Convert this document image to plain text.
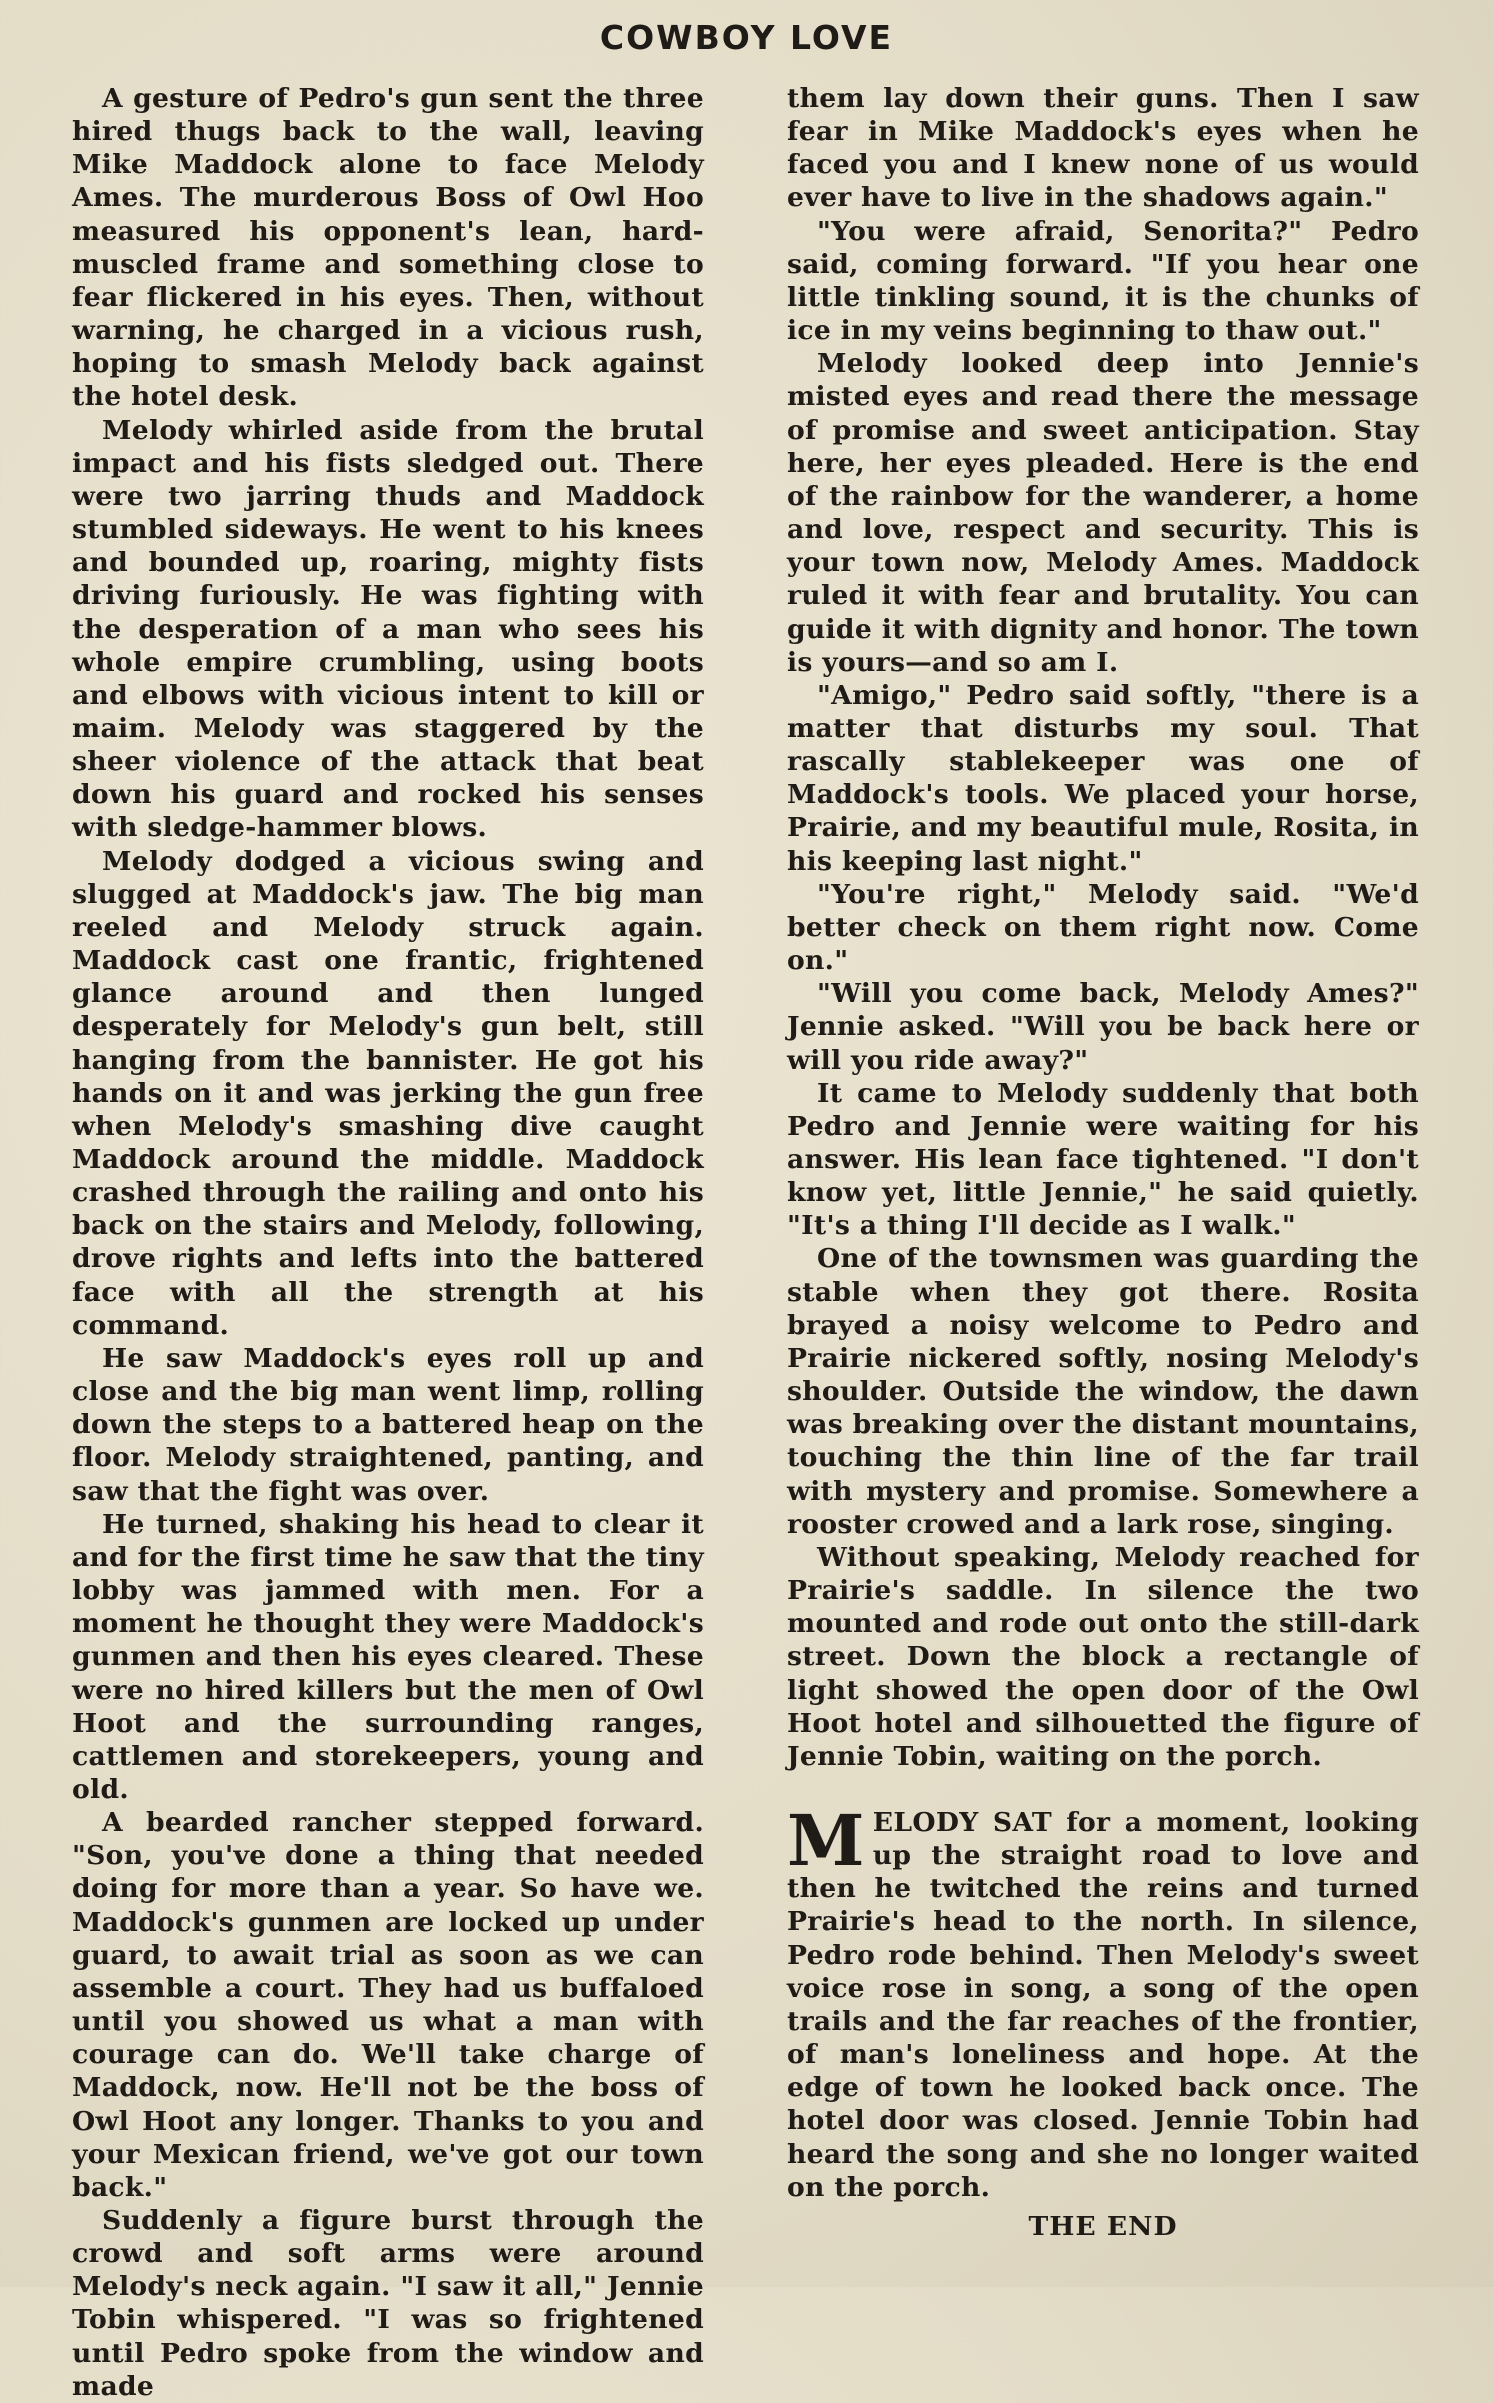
COWBOY LOVE

A gesture of Pedro's gun sent the three hired thugs back to the wall, leaving Mike Maddock alone to face Melody Ames. The murderous Boss of Owl Hoo measured his opponent's lean, hard-muscled frame and something close to fear flickered in his eyes. Then, without warning, he charged in a vicious rush, hoping to smash Melody back against the hotel desk.

Melody whirled aside from the brutal impact and his fists sledged out. There were two jarring thuds and Maddock stumbled sideways. He went to his knees and bounded up, roaring, mighty fists driving furiously. He was fighting with the desperation of a man who sees his whole empire crumbling, using boots and elbows with vicious intent to kill or maim. Melody was staggered by the sheer violence of the attack that beat down his guard and rocked his senses with sledge-hammer blows.

Melody dodged a vicious swing and slugged at Maddock's jaw. The big man reeled and Melody struck again. Maddock cast one frantic, frightened glance around and then lunged desperately for Melody's gun belt, still hanging from the bannister. He got his hands on it and was jerking the gun free when Melody's smashing dive caught Maddock around the middle. Maddock crashed through the railing and onto his back on the stairs and Melody, following, drove rights and lefts into the battered face with all the strength at his command.

He saw Maddock's eyes roll up and close and the big man went limp, rolling down the steps to a battered heap on the floor. Melody straightened, panting, and saw that the fight was over.

He turned, shaking his head to clear it and for the first time he saw that the tiny lobby was jammed with men. For a moment he thought they were Maddock's gunmen and then his eyes cleared. These were no hired killers but the men of Owl Hoot and the surrounding ranges, cattlemen and storekeepers, young and old.

A bearded rancher stepped forward. "Son, you've done a thing that needed doing for more than a year. So have we. Maddock's gunmen are locked up under guard, to await trial as soon as we can assemble a court. They had us buffaloed until you showed us what a man with courage can do. We'll take charge of Maddock, now. He'll not be the boss of Owl Hoot any longer. Thanks to you and your Mexican friend, we've got our town back."

Suddenly a figure burst through the crowd and soft arms were around Melody's neck again. "I saw it all," Jennie Tobin whispered. "I was so frightened until Pedro spoke from the window and made

them lay down their guns. Then I saw fear in Mike Maddock's eyes when he faced you and I knew none of us would ever have to live in the shadows again."

"You were afraid, Senorita?" Pedro said, coming forward. "If you hear one little tinkling sound, it is the chunks of ice in my veins beginning to thaw out."

Melody looked deep into Jennie's misted eyes and read there the message of promise and sweet anticipation. Stay here, her eyes pleaded. Here is the end of the rainbow for the wanderer, a home and love, respect and security. This is your town now, Melody Ames. Maddock ruled it with fear and brutality. You can guide it with dignity and honor. The town is yours—and so am I.

"Amigo," Pedro said softly, "there is a matter that disturbs my soul. That rascally stablekeeper was one of Maddock's tools. We placed your horse, Prairie, and my beautiful mule, Rosita, in his keeping last night."

"You're right," Melody said. "We'd better check on them right now. Come on."

"Will you come back, Melody Ames?" Jennie asked. "Will you be back here or will you ride away?"

It came to Melody suddenly that both Pedro and Jennie were waiting for his answer. His lean face tightened. "I don't know yet, little Jennie," he said quietly. "It's a thing I'll decide as I walk."

One of the townsmen was guarding the stable when they got there. Rosita brayed a noisy welcome to Pedro and Prairie nickered softly, nosing Melody's shoulder. Outside the window, the dawn was breaking over the distant mountains, touching the thin line of the far trail with mystery and promise. Somewhere a rooster crowed and a lark rose, singing.

Without speaking, Melody reached for Prairie's saddle. In silence the two mounted and rode out onto the still-dark street. Down the block a rectangle of light showed the open door of the Owl Hoot hotel and silhouetted the figure of Jennie Tobin, waiting on the porch.

MELODY SAT for a moment, looking up the straight road to love and then he twitched the reins and turned Prairie's head to the north. In silence, Pedro rode behind. Then Melody's sweet voice rose in song, a song of the open trails and the far reaches of the frontier, of man's loneliness and hope. At the edge of town he looked back once. The hotel door was closed. Jennie Tobin had heard the song and she no longer waited on the porch.

THE END
